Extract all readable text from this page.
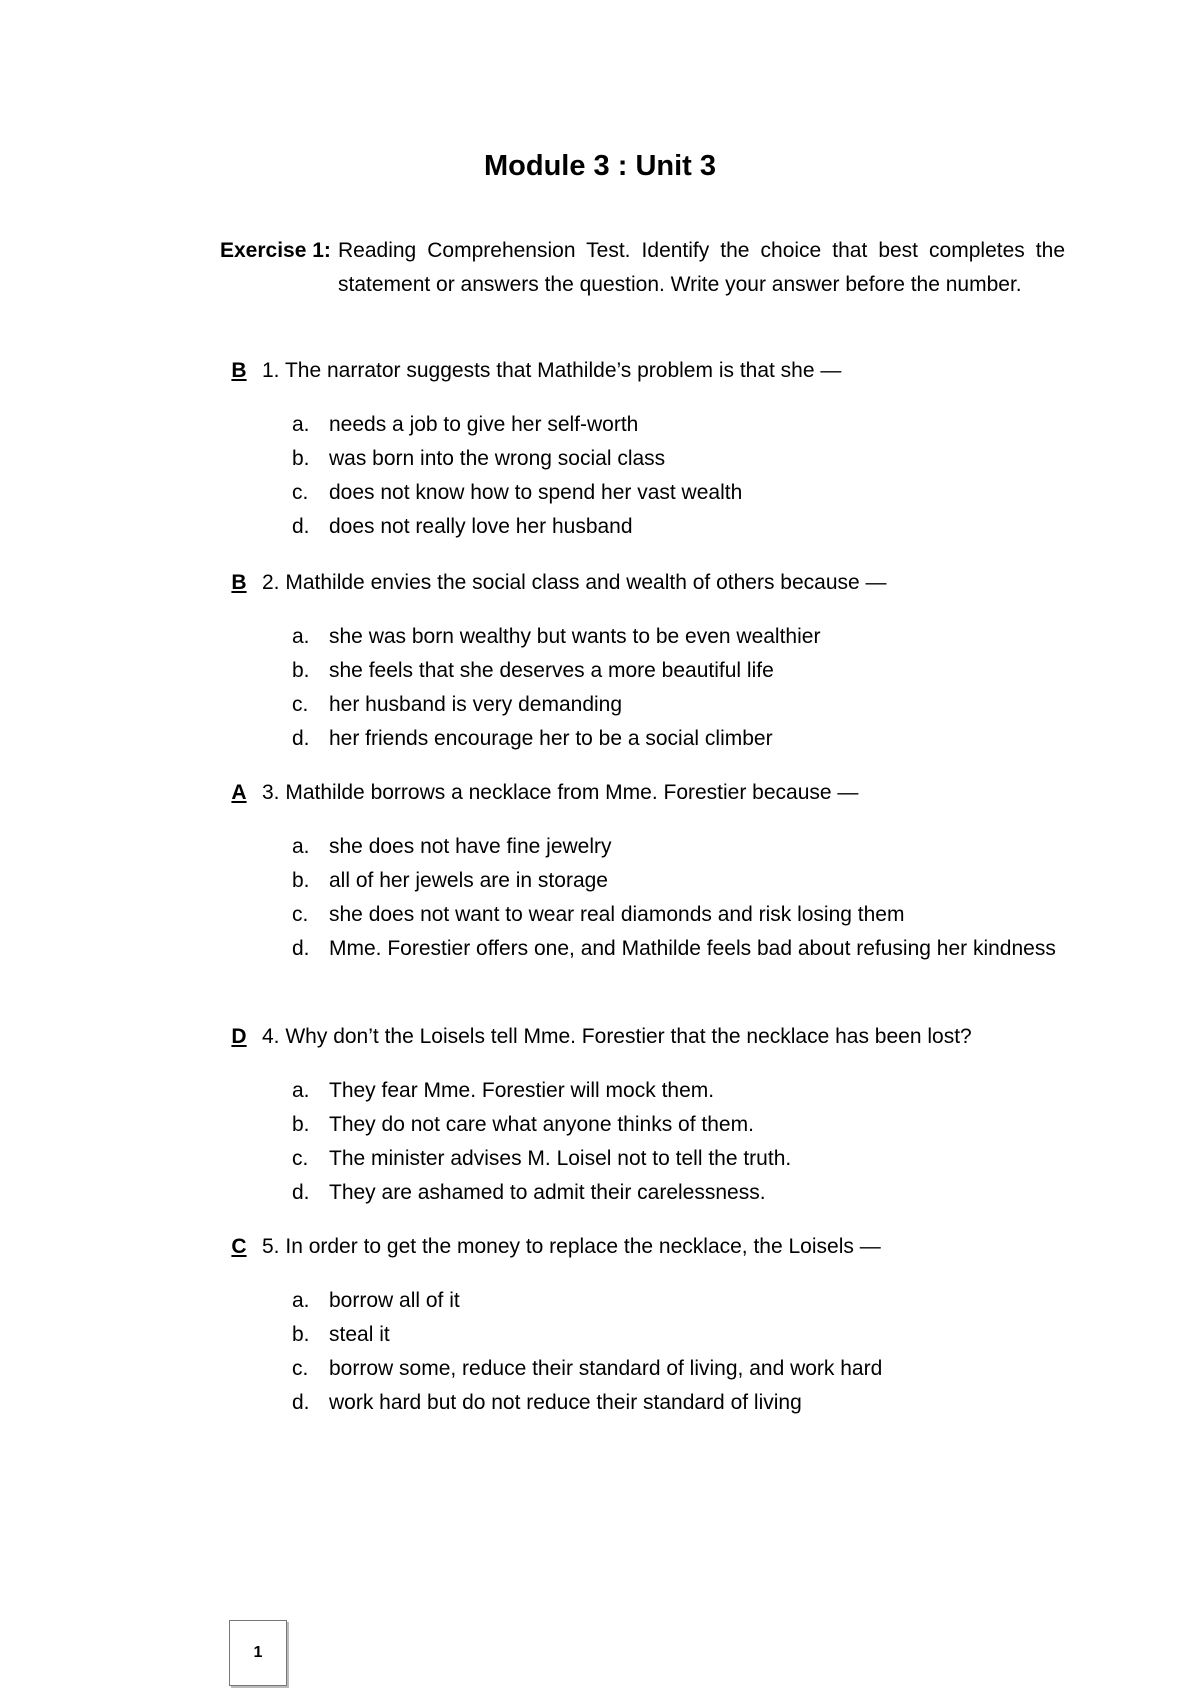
Module 3 : Unit 3
Exercise 1: Reading Comprehension Test. Identify the choice that best completes the statement or answers the question. Write your answer before the number.
B 1. The narrator suggests that Mathilde’s problem is that she —
a. needs a job to give her self-worth
b. was born into the wrong social class
c. does not know how to spend her vast wealth
d. does not really love her husband
B 2. Mathilde envies the social class and wealth of others because —
a. she was born wealthy but wants to be even wealthier
b. she feels that she deserves a more beautiful life
c. her husband is very demanding
d. her friends encourage her to be a social climber
A 3. Mathilde borrows a necklace from Mme. Forestier because —
a. she does not have fine jewelry
b. all of her jewels are in storage
c. she does not want to wear real diamonds and risk losing them
d. Mme. Forestier offers one, and Mathilde feels bad about refusing her kindness
D 4. Why don’t the Loisels tell Mme. Forestier that the necklace has been lost?
a. They fear Mme. Forestier will mock them.
b. They do not care what anyone thinks of them.
c. The minister advises M. Loisel not to tell the truth.
d. They are ashamed to admit their carelessness.
C 5. In order to get the money to replace the necklace, the Loisels —
a. borrow all of it
b. steal it
c. borrow some, reduce their standard of living, and work hard
d. work hard but do not reduce their standard of living
1
